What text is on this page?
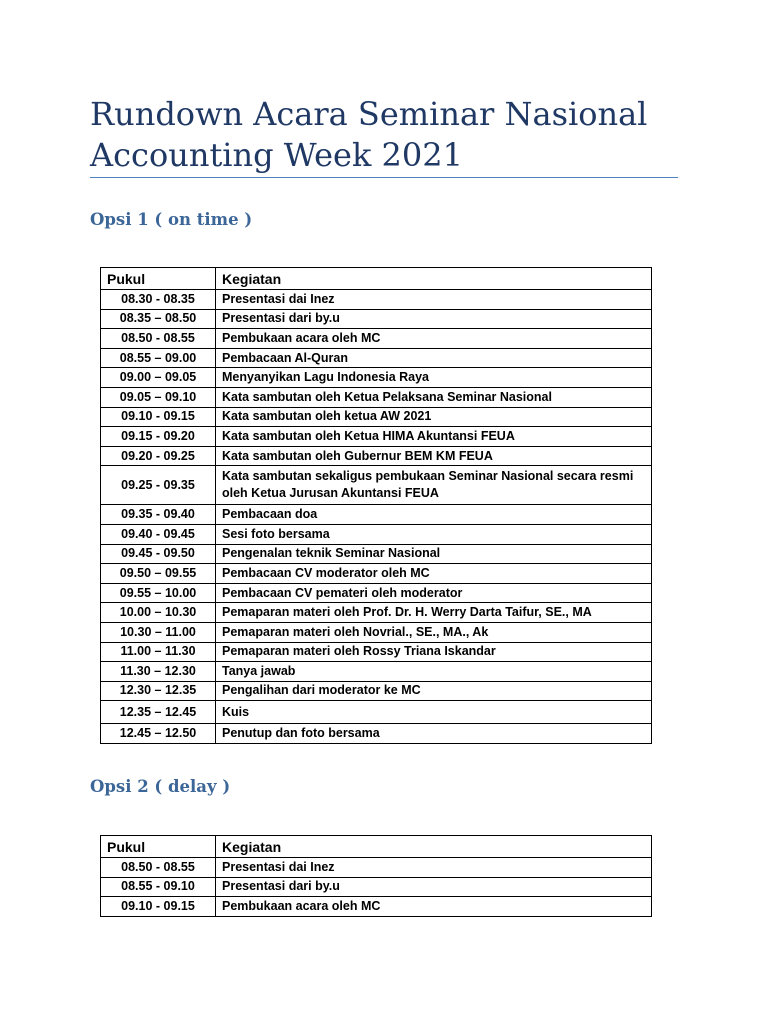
Rundown Acara Seminar Nasional
Accounting Week 2021
Opsi 1 ( on time )
Pukul	Kegiatan
08.30 - 08.35	Presentasi dai Inez
08.35 – 08.50	Presentasi dari by.u
08.50 - 08.55	Pembukaan acara oleh MC
08.55 – 09.00	Pembacaan Al-Quran
09.00 – 09.05	Menyanyikan Lagu Indonesia Raya
09.05 – 09.10	Kata sambutan oleh Ketua Pelaksana Seminar Nasional
09.10 - 09.15	Kata sambutan oleh ketua AW 2021
09.15 - 09.20	Kata sambutan oleh Ketua HIMA Akuntansi FEUA
09.20 - 09.25	Kata sambutan oleh Gubernur BEM KM FEUA
09.25 - 09.35	Kata sambutan sekaligus pembukaan Seminar Nasional secara resmi oleh Ketua Jurusan Akuntansi FEUA
09.35 - 09.40	Pembacaan doa
09.40 - 09.45	Sesi foto bersama
09.45 - 09.50	Pengenalan teknik Seminar Nasional
09.50 – 09.55	Pembacaan CV moderator oleh MC
09.55 – 10.00	Pembacaan CV pemateri oleh moderator
10.00 – 10.30	Pemaparan materi oleh Prof. Dr. H. Werry Darta Taifur, SE., MA
10.30 – 11.00	Pemaparan materi oleh Novrial., SE., MA., Ak
11.00 – 11.30	Pemaparan materi oleh Rossy Triana Iskandar
11.30 – 12.30	Tanya jawab
12.30 – 12.35	Pengalihan dari moderator ke MC
12.35 – 12.45	Kuis
12.45 – 12.50	Penutup dan foto bersama
Opsi 2 ( delay )
Pukul	Kegiatan
08.50 - 08.55	Presentasi dai Inez
08.55 - 09.10	Presentasi dari by.u
09.10 - 09.15	Pembukaan acara oleh MC
